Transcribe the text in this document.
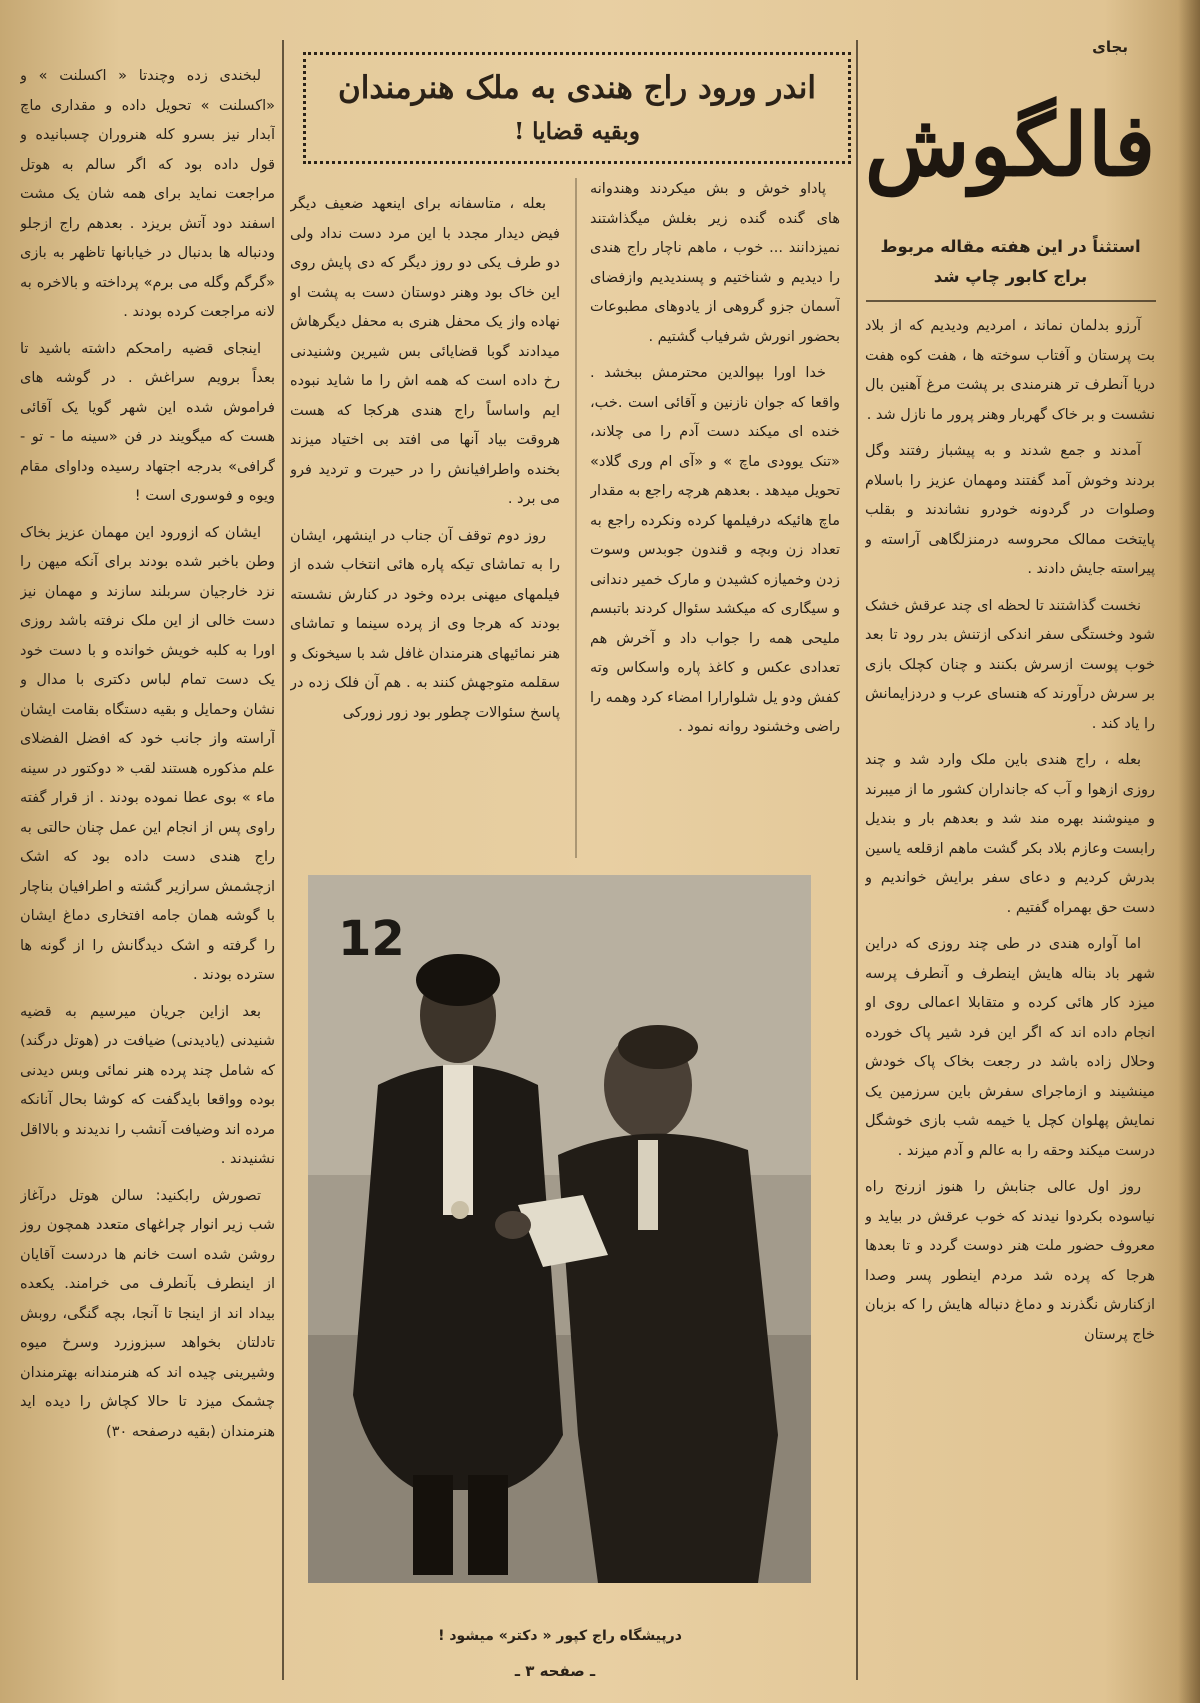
بجای
فالگوش
استثناً در این هفته مقاله مربوط براج کابور چاپ شد
اندر ورود راج هندی به ملک هنرمندان
وبقیه قضایا !

آرزو بدلمان نماند ، امردیم ودیدیم که از بلاد بت پرستان و آفتاب سوخته ها ، هفت کوه هفت دریا آنطرف تر هنرمندی بر پشت مرغ آهنین بال نشست و بر خاک گهربار وهنر پرور ما نازل شد .

آمدند و جمع شدند و به پیشباز رفتند وگل بردند وخوش آمد گفتند ومهمان عزیز را باسلام وصلوات در گردونه خودرو نشاندند و بقلب پایتخت ممالک محروسه درمنزلگاهی آراسته و پیراسته جایش دادند .

نخست گذاشتند تا لحظه ای چند عرقش خشک شود وخستگی سفر اندکی ازتنش بدر رود تا بعد خوب پوست ازسرش بکنند و چنان کچلک بازی بر سرش درآورند که هنسای عرب و دردزایمانش را یاد کند .

بعله ، راج هندی باین ملک وارد شد و چند روزی ازهوا و آب که جانداران کشور ما از میبرند و مینوشند بهره مند شد و بعدهم بار و بندیل رابست وعازم بلاد بکر گشت ماهم ازقلعه یاسین بدرش کردیم و دعای سفر برایش خواندیم و دست حق بهمراه گفتیم .

اما آواره هندی در طی چند روزی که دراین شهر باد بناله هایش اینطرف و آنطرف پرسه میزد کار هائی کرده و متقابلا اعمالی روی او انجام داده اند که اگر این فرد شیر پاک خورده وحلال زاده باشد در رجعت بخاک پاک خودش مینشیند و ازماجرای سفرش باین سرزمین یک نمایش پهلوان کچل یا خیمه شب بازی خوشگل درست میکند وحقه را به عالم و آدم میزند .

روز اول عالی جنابش را هنوز ازرنج راه نیاسوده بکردوا نیدند که خوب عرقش در بیاید و معروف حضور ملت هنر دوست گردد و تا بعدها هرجا که پرده شد مردم اینطور پسر وصدا ازکنارش نگذرند و دماغ دنباله هایش را که بزبان خاج پرستان

پاداو خوش و بش میکردند وهندوانه های گنده گنده زیر بغلش میگذاشتند نمیزدانند ... خوب ، ماهم ناچار راج هندی را دیدیم و شناختیم و پسندیدیم وازفضای آسمان جزو گروهی از یادوهای مطبوعات بحضور انورش شرفیاب گشتیم .

خدا اورا بپوالدین محترمش ببخشد . واقعا که جوان نازنین و آقائی است .خب، خنده ای میکند دست آدم را می چلاند، «تنک یوودی ماچ » و «آی ام وری گلاد» تحویل میدهد . بعدهم هرچه راجع به مقدار ماچ هائیکه درفیلمها کرده ونکرده راجع به تعداد زن وبچه و قندون جوبدس وسوت زدن وخمیازه کشیدن و مارک خمیر دندانی و سیگاری که میکشد سئوال کردند باتبسم ملیحی همه را جواب داد و آخرش هم تعدادی عکس و کاغذ پاره واسکاس وته کفش ودو یل شلوارارا امضاء کرد وهمه را راضی وخشنود روانه نمود .

بعله ، متاسفانه برای اینعهد ضعیف دیگر فیض دیدار مجدد با این مرد دست نداد ولی دو طرف یکی دو روز دیگر که دی پایش روی این خاک بود وهنر دوستان دست به پشت او نهاده واز یک محفل هنری به محفل دیگرهاش میدادند گوبا قضایائی بس شیرین وشنیدنی رخ داده است که همه اش را ما شاید نبوده ایم واساساً راج هندی هرکجا که هست هروقت بیاد آنها می افتد بی اختیاد میزند بخنده واطرافیانش را در حیرت و تردید فرو می برد .

روز دوم توقف آن جناب در اینشهر، ایشان را به تماشای تیکه پاره هائی انتخاب شده از فیلمهای میهنی برده وخود در کنارش نشسته بودند که هرجا وی از پرده سینما و تماشای هنر نمائیهای هنرمندان غافل شد با سیخونک و سقلمه متوجهش کنند به . هم آن فلک زده در پاسخ سئوالات چطور بود زور زورکی

لبخندی زده وچندتا « اکسلنت » و «اکسلنت » تحویل داده و مقداری ماچ آبدار نیز بسرو کله هنروران چسبانیده و قول داده بود که اگر سالم به هوتل مراجعت نماید برای همه شان یک مشت اسفند دود آتش بریزد . بعدهم راج ازجلو ودنباله ها بدنبال در خیابانها تاظهر به بازی «گرگم وگله می برم» پرداخته و بالاخره به لانه مراجعت کرده بودند .

اینجای قضیه رامحکم داشته باشید تا بعداً برویم سراغش . در گوشه های فراموش شده این شهر گویا یک آقائی هست که میگویند در فن «سینه ما - تو - گرافی» بدرجه اجتهاد رسیده وداوای مقام ویوه و فوسوری است !

ایشان که ازورود این مهمان عزیز بخاک وطن باخبر شده بودند برای آنکه میهن را نزد خارجیان سربلند سازند و مهمان نیز دست خالی از این ملک نرفته باشد روزی اورا به کلبه خویش خوانده و با دست خود یک دست تمام لباس دکتری با مدال و نشان وحمایل و بقیه دستگاه بقامت ایشان آراسته واز جانب خود که افضل الفضلای علم مذکوره هستند لقب « دوکتور در سینه ماء » بوی عطا نموده بودند . از قرار گفته راوی پس از انجام این عمل چنان حالتی به راج هندی دست داده بود که اشک ازچشمش سرازیر گشته و اطرافیان بناچار با گوشه همان جامه افتخاری دماغ ایشان را گرفته و اشک دیدگانش را از گونه ها سترده بودند .

بعد ازاین جریان میرسیم به قضیه شنیدنی (یادیدنی) ضیافت در (هوتل درگند) که شامل چند پرده هنر نمائی وبس دیدنی بوده وواقعا بایدگفت که کوشا بحال آنانکه مرده اند وضیافت آنشب را ندیدند و بالااقل نشنیدند .

تصورش رابکنید: سالن هوتل درآغاز شب زیر انوار چراغهای متعدد همچون روز روشن شده است خانم ها دردست آقایان از اینطرف بآنطرف می خرامند. یکعده بیداد اند از اینجا تا آنجا، بچه گنگی، روبش تادلتان بخواهد سبزوزرد وسرخ میوه وشیرینی چیده اند که هنرمندانه بهترمندان چشمک میزد تا حالا کچاش را دیده اید هنرمندان (بقیه درصفحه ۳۰)

12
درپیشگاه راج کپور « دکتر» میشود !
ـ صفحه ۳ ـ
